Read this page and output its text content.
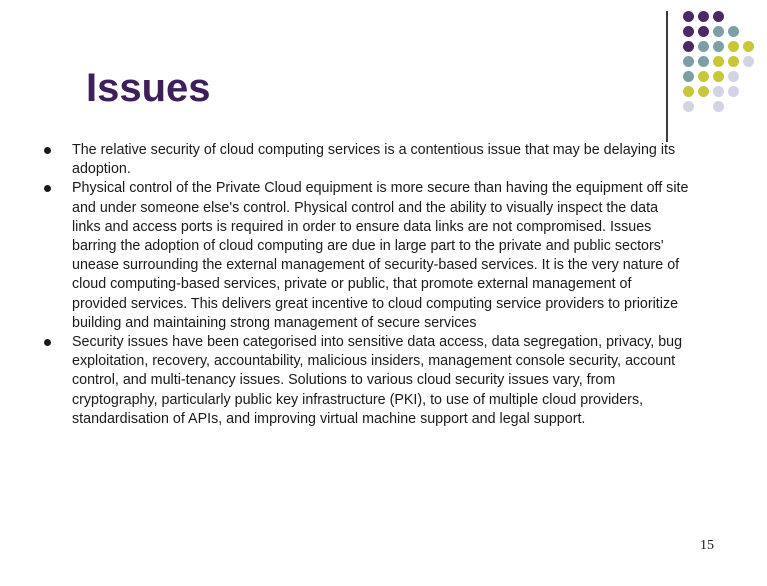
Issues
The relative security of cloud computing services is a contentious issue that may be delaying its adoption.
Physical control of the Private Cloud equipment is more secure than having the equipment off site and under someone else's control. Physical control and the ability to visually inspect the data links and access ports is required in order to ensure data links are not compromised. Issues barring the adoption of cloud computing are due in large part to the private and public sectors' unease surrounding the external management of security-based services. It is the very nature of cloud computing-based services, private or public, that promote external management of provided services. This delivers great incentive to cloud computing service providers to prioritize building and maintaining strong management of secure services
Security issues have been categorised into sensitive data access, data segregation, privacy, bug exploitation, recovery, accountability, malicious insiders, management console security, account control, and multi-tenancy issues. Solutions to various cloud security issues vary, from cryptography, particularly public key infrastructure (PKI), to use of multiple cloud providers, standardisation of APIs, and improving virtual machine support and legal support.
15
